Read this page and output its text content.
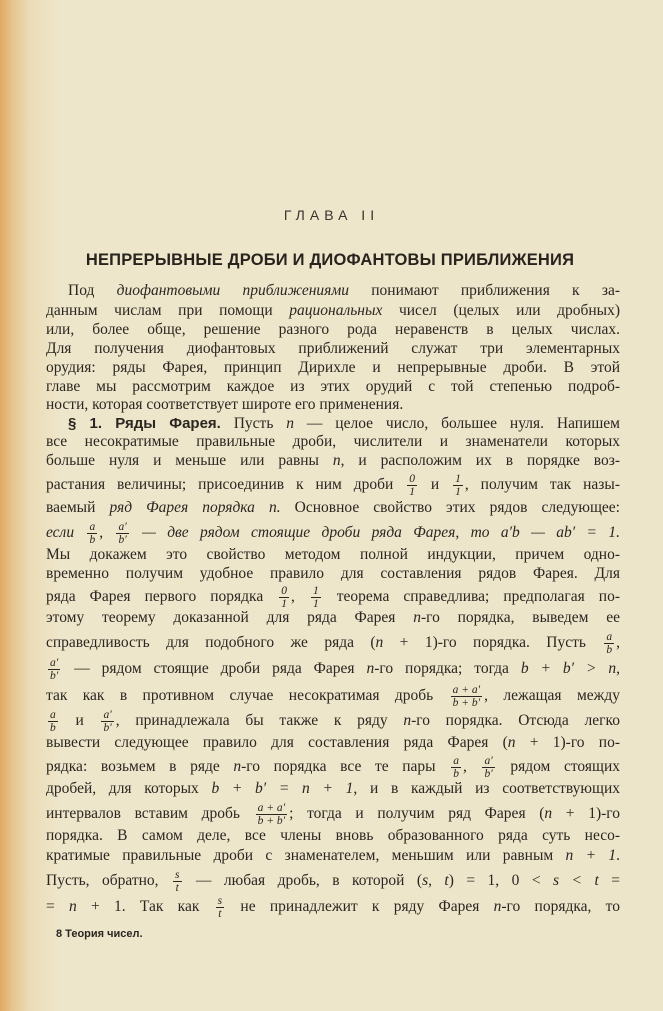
ГЛАВА II
НЕПРЕРЫВНЫЕ ДРОБИ И ДИОФАНТОВЫ ПРИБЛИЖЕНИЯ
Под диофантовыми приближениями понимают приближения к за-
данным числам при помощи рациональных чисел (целых или дробных)
или, более обще, решение разного рода неравенств в целых числах.
Для получения диофантовых приближений служат три элементарных
орудия: ряды Фарея, принцип Дирихле и непрерывные дроби. В этой
главе мы рассмотрим каждое из этих орудий с той степенью подроб-
ности, которая соответствует широте его применения.
§ 1. Ряды Фарея. Пусть n — целое число, большее нуля. Напишем
все несократимые правильные дроби, числители и знаменатели которых
больше нуля и меньше или равны n, и расположим их в порядке воз-
растания величины; присоединив к ним дроби $\frac{0}{1}$ и $\frac{1}{1}$ , получим так назы-
ваемый ряд Фарея порядка n. Основное свойство этих рядов следующее:
если $\frac{a}{b}$ , $\frac{a'}{b'}$ — две рядом стоящие дроби ряда Фарея, то a′b — ab′ = 1.
Мы докажем это свойство методом полной индукции, причем одно-
временно получим удобное правило для составления рядов Фарея. Для
ряда Фарея первого порядка $\frac{0}{1}$ , $\frac{1}{1}$ теорема справедлива; предполагая по-
этому теорему доказанной для ряда Фарея n-го порядка, выведем ее
справедливость для подобного же ряда (n + 1)-го порядка. Пусть $\frac{a}{b}$ ,
$\frac{a'}{b'}$ — рядом стоящие дроби ряда Фарея n-го порядка; тогда b + b′ > n,
так как в противном случае несократимая дробь $\frac{a + a'}{b + b'}$ , лежащая между
$\frac{a}{b}$ и $\frac{a'}{b'}$ , принадлежала бы также к ряду n-го порядка. Отсюда легко
вывести следующее правило для составления ряда Фарея (n + 1)-го по-
рядка: возьмем в ряде n-го порядка все те пары $\frac{a}{b}$ , $\frac{a'}{b'}$ рядом стоящих
дробей, для которых b + b′ = n + 1, и в каждый из соответствующих
интервалов вставим дробь $\frac{a + a'}{b + b'}$ ; тогда и получим ряд Фарея (n + 1)-го
порядка. В самом деле, все члены вновь образованного ряда суть несо-
кратимые правильные дроби с знаменателем, меньшим или равным n + 1.
Пусть, обратно, $\frac{s}{t}$ — любая дробь, в которой (s, t) = 1, 0 < s < t =
= n + 1. Так как $\frac{s}{t}$ не принадлежит к ряду Фарея n-го порядка, то
8 Теория чисел.
